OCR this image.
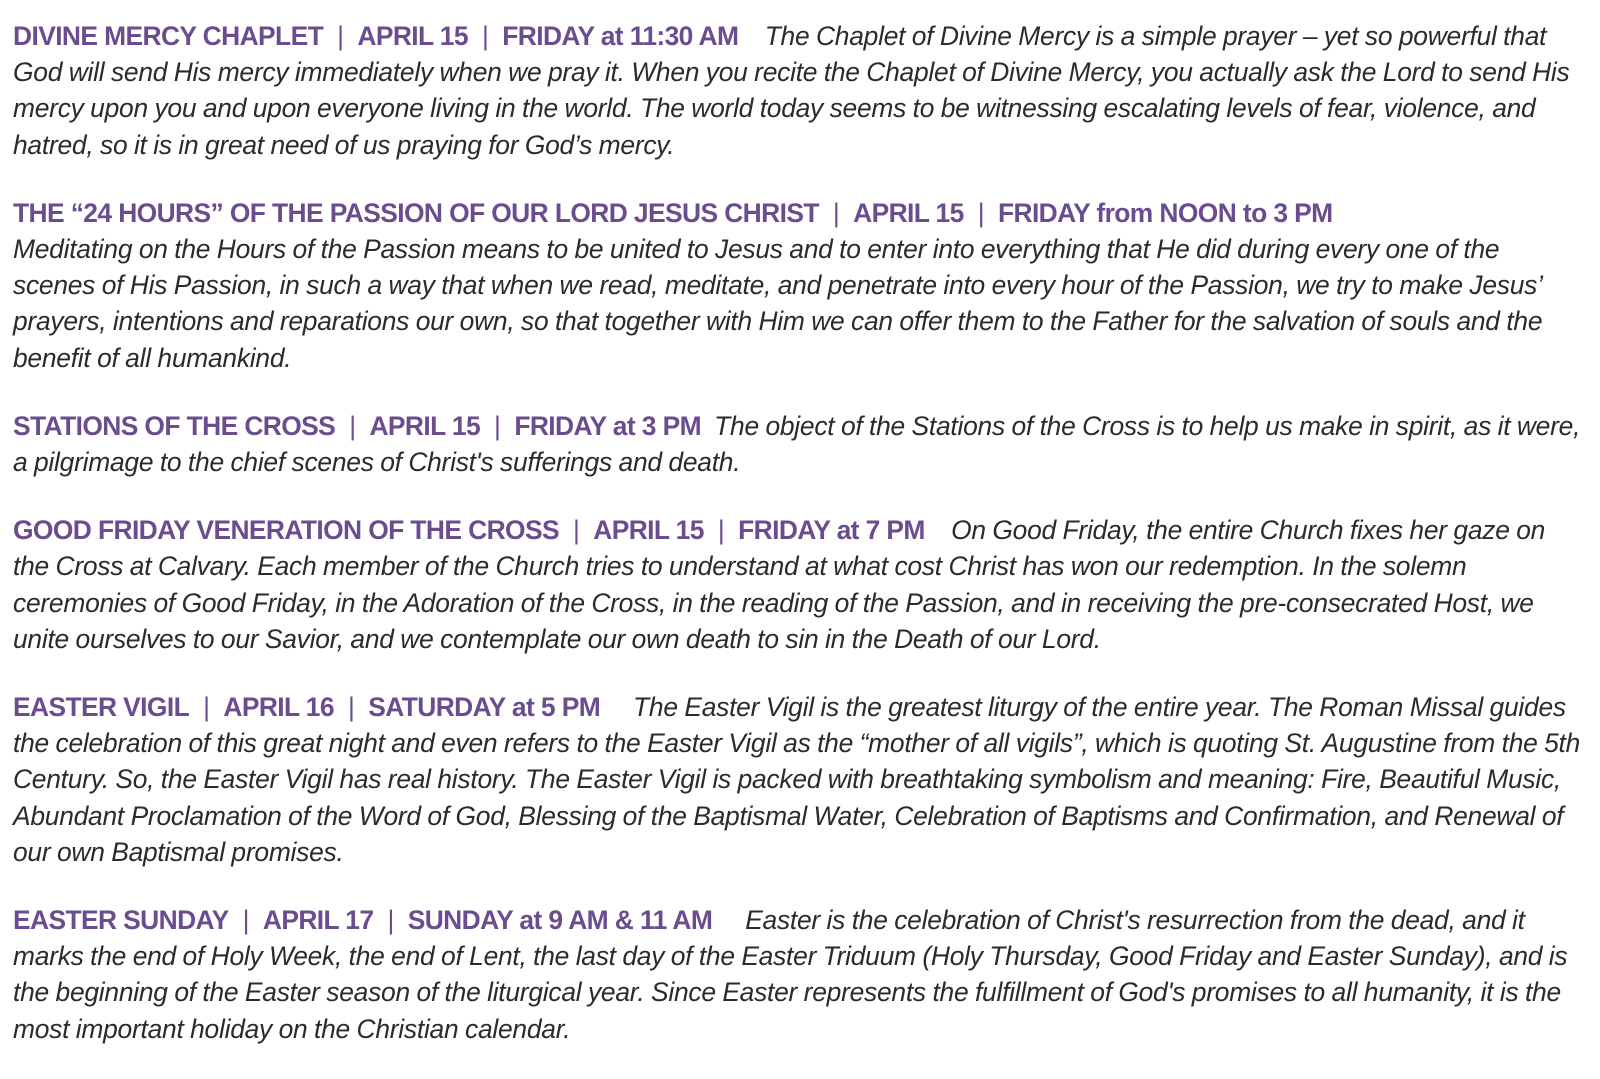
DIVINE MERCY CHAPLET | APRIL 15 | FRIDAY at 11:30 AM The Chaplet of Divine Mercy is a simple prayer – yet so powerful that God will send His mercy immediately when we pray it. When you recite the Chaplet of Divine Mercy, you actually ask the Lord to send His mercy upon you and upon everyone living in the world. The world today seems to be witnessing escalating levels of fear, violence, and hatred, so it is in great need of us praying for God’s mercy.

THE “24 HOURS” OF THE PASSION OF OUR LORD JESUS CHRIST | APRIL 15 | FRIDAY from NOON to 3 PM
Meditating on the Hours of the Passion means to be united to Jesus and to enter into everything that He did during every one of the scenes of His Passion, in such a way that when we read, meditate, and penetrate into every hour of the Passion, we try to make Jesus’ prayers, intentions and reparations our own, so that together with Him we can offer them to the Father for the salvation of souls and the benefit of all humankind.

STATIONS OF THE CROSS | APRIL 15 | FRIDAY at 3 PM The object of the Stations of the Cross is to help us make in spirit, as it were, a pilgrimage to the chief scenes of Christ's sufferings and death.

GOOD FRIDAY VENERATION OF THE CROSS | APRIL 15 | FRIDAY at 7 PM On Good Friday, the entire Church fixes her gaze on the Cross at Calvary. Each member of the Church tries to understand at what cost Christ has won our redemption. In the solemn ceremonies of Good Friday, in the Adoration of the Cross, in the reading of the Passion, and in receiving the pre-consecrated Host, we unite ourselves to our Savior, and we contemplate our own death to sin in the Death of our Lord.

EASTER VIGIL | APRIL 16 | SATURDAY at 5 PM The Easter Vigil is the greatest liturgy of the entire year. The Roman Missal guides the celebration of this great night and even refers to the Easter Vigil as the “mother of all vigils”, which is quoting St. Augustine from the 5th Century. So, the Easter Vigil has real history. The Easter Vigil is packed with breathtaking symbolism and meaning: Fire, Beautiful Music, Abundant Proclamation of the Word of God, Blessing of the Baptismal Water, Celebration of Baptisms and Confirmation, and Renewal of our own Baptismal promises.

EASTER SUNDAY | APRIL 17 | SUNDAY at 9 AM & 11 AM Easter is the celebration of Christ's resurrection from the dead, and it marks the end of Holy Week, the end of Lent, the last day of the Easter Triduum (Holy Thursday, Good Friday and Easter Sunday), and is the beginning of the Easter season of the liturgical year. Since Easter represents the fulfillment of God's promises to all humanity, it is the most important holiday on the Christian calendar.
